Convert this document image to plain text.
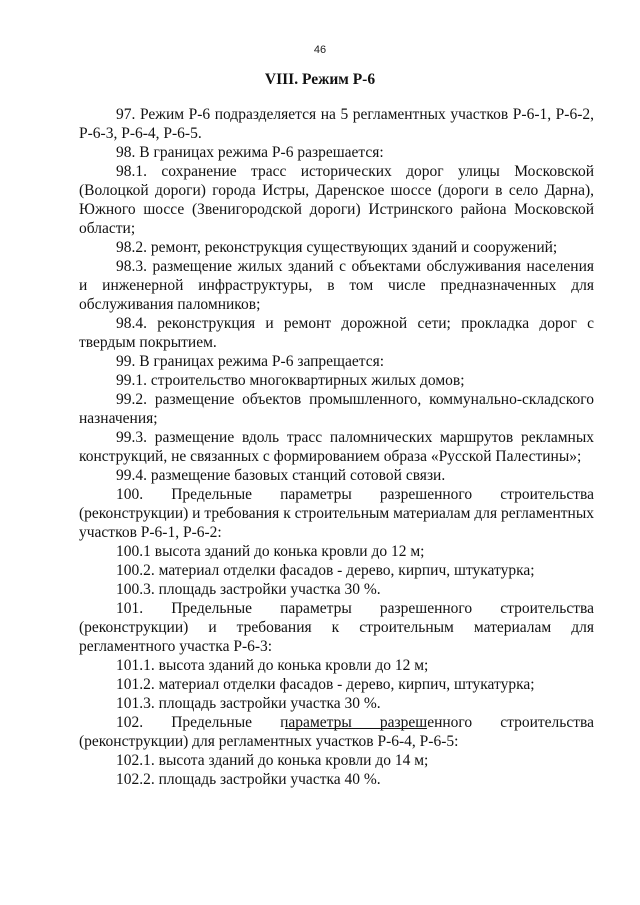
46
VIII. Режим Р-6

97. Режим Р-6 подразделяется на 5 регламентных участков Р-6-1, Р-6-2, Р-6-3, Р-6-4, Р-6-5.

98. В границах режима Р-6 разрешается:

98.1. сохранение трасс исторических дорог улицы Московской (Волоцкой дороги) города Истры, Даренское шоссе (дороги в село Дарна), Южного шоссе (Звенигородской дороги) Истринского района Московской области;

98.2. ремонт, реконструкция существующих зданий и сооружений;

98.3. размещение жилых зданий с объектами обслуживания населения и инженерной инфраструктуры, в том числе предназначенных для обслуживания паломников;

98.4. реконструкция и ремонт дорожной сети; прокладка дорог с твердым покрытием.

99. В границах режима Р-6 запрещается:

99.1. строительство многоквартирных жилых домов;

99.2. размещение объектов промышленного, коммунально-складского назначения;

99.3. размещение вдоль трасс паломнических маршрутов рекламных конструкций, не связанных с формированием образа «Русской Палестины»;

99.4. размещение базовых станций сотовой связи.

100. Предельные параметры разрешенного строительства (реконструкции) и требования к строительным материалам для регламентных участков Р-6-1, Р-6-2:

100.1 высота зданий до конька кровли до 12 м;

100.2. материал отделки фасадов - дерево, кирпич, штукатурка;

100.3. площадь застройки участка 30 %.

101. Предельные параметры разрешенного строительства (реконструкции) и требования к строительным материалам для регламентного участка Р-6-3:

101.1. высота зданий до конька кровли до 12 м;

101.2. материал отделки фасадов - дерево, кирпич, штукатурка;

101.3. площадь застройки участка 30 %.

102. Предельные параметры разрешенного строительства (реконструкции) для регламентных участков Р-6-4, Р-6-5:

102.1. высота зданий до конька кровли до 14 м;

102.2. площадь застройки участка 40 %.
